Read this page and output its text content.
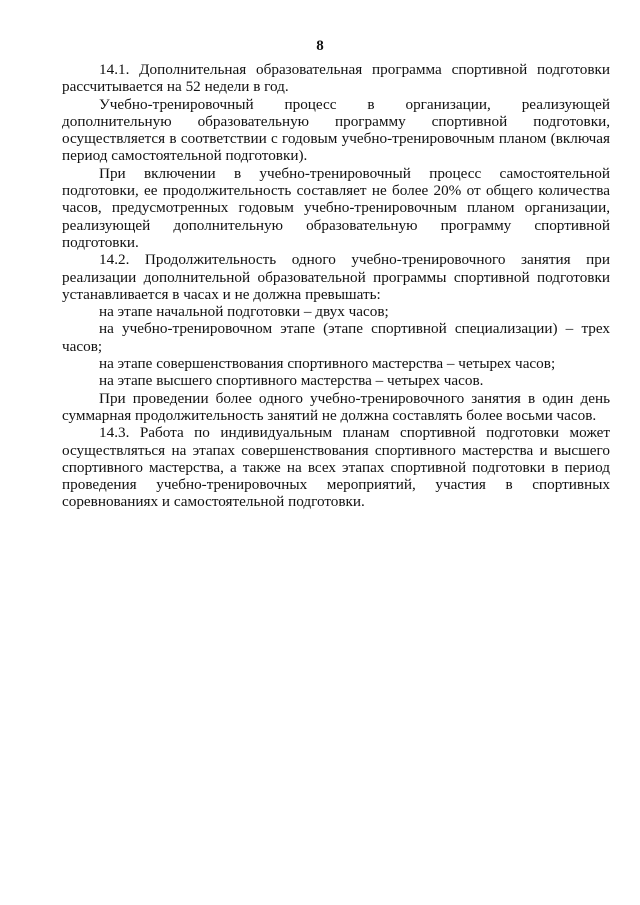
8

14.1. Дополнительная образовательная программа спортивной подготовки рассчитывается на 52 недели в год.

Учебно-тренировочный процесс в организации, реализующей дополнительную образовательную программу спортивной подготовки, осуществляется в соответствии с годовым учебно-тренировочным планом (включая период самостоятельной подготовки).

При включении в учебно-тренировочный процесс самостоятельной подготовки, ее продолжительность составляет не более 20% от общего количества часов, предусмотренных годовым учебно-тренировочным планом организации, реализующей дополнительную образовательную программу спортивной подготовки.

14.2. Продолжительность одного учебно-тренировочного занятия при реализации дополнительной образовательной программы спортивной подготовки устанавливается в часах и не должна превышать:

на этапе начальной подготовки – двух часов;

на учебно-тренировочном этапе (этапе спортивной специализации) – трех часов;

на этапе совершенствования спортивного мастерства – четырех часов;

на этапе высшего спортивного мастерства – четырех часов.

При проведении более одного учебно-тренировочного занятия в один день суммарная продолжительность занятий не должна составлять более восьми часов.

14.3. Работа по индивидуальным планам спортивной подготовки может осуществляться на этапах совершенствования спортивного мастерства и высшего спортивного мастерства, а также на всех этапах спортивной подготовки в период проведения учебно-тренировочных мероприятий, участия в спортивных соревнованиях и самостоятельной подготовки.
